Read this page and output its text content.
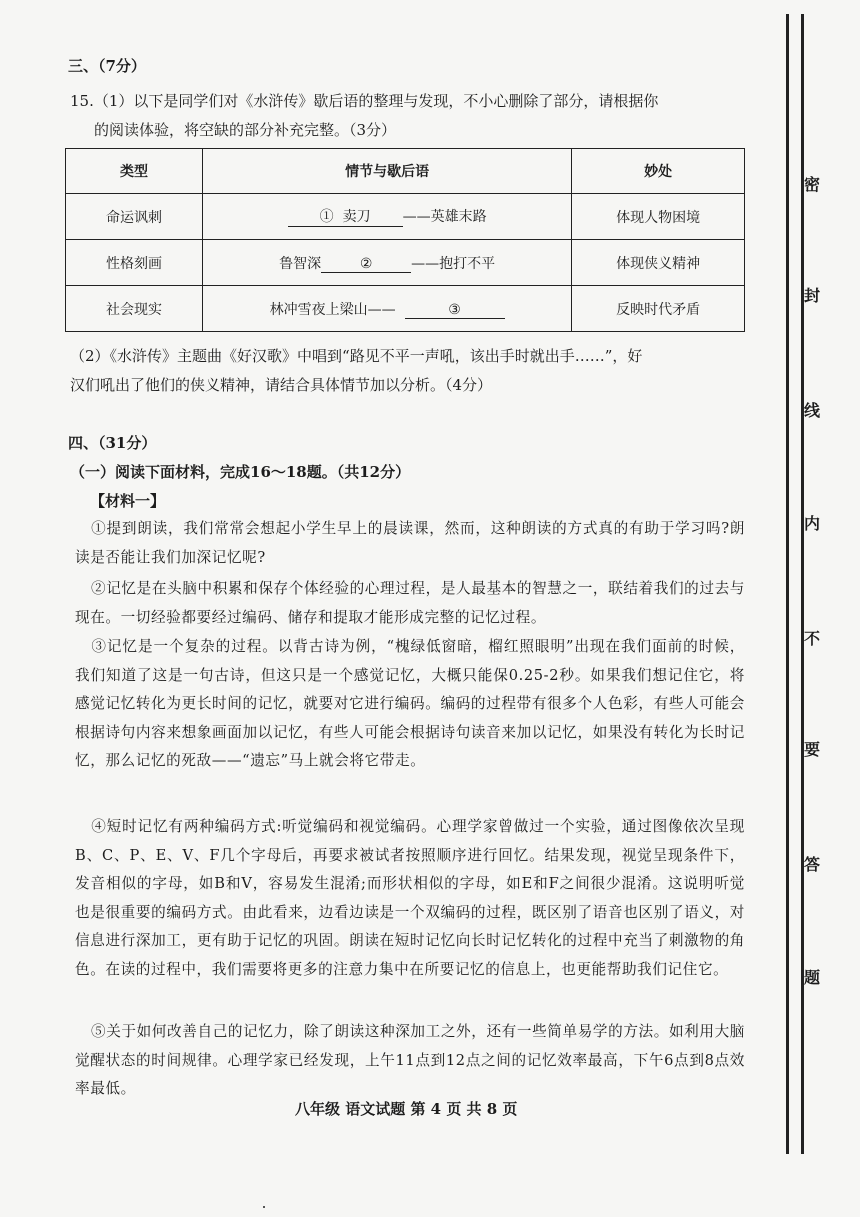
三、（7分）
15.（1）以下是同学们对《水浒传》歇后语的整理与发现，不小心删除了部分，请根据你
的阅读体验，将空缺的部分补充完整。（3分）
类型	情节与歇后语	妙处
命运讽刺	① 卖刀 ——英雄末路	体现人物困境
性格刻画	鲁智深 ② ——抱打不平	体现侠义精神
社会现实	林冲雪夜上梁山—— ③	反映时代矛盾
（2）《水浒传》主题曲《好汉歌》中唱到“路见不平一声吼，该出手时就出手……”，好
汉们吼出了他们的侠义精神，请结合具体情节加以分析。（4分）
四、（31分）
（一）阅读下面材料，完成16～18题。（共12分）
【材料一】
①提到朗读，我们常常会想起小学生早上的晨读课，然而，这种朗读的方式真的有助于学习吗?朗读是否能让我们加深记忆呢?
②记忆是在头脑中积累和保存个体经验的心理过程，是人最基本的智慧之一，联结着我们的过去与现在。一切经验都要经过编码、储存和提取才能形成完整的记忆过程。
③记忆是一个复杂的过程。以背古诗为例，“槐绿低窗暗，榴红照眼明”出现在我们面前的时候，我们知道了这是一句古诗，但这只是一个感觉记忆，大概只能保0.25-2秒。如果我们想记住它，将感觉记忆转化为更长时间的记忆，就要对它进行编码。编码的过程带有很多个人色彩，有些人可能会根据诗句内容来想象画面加以记忆，有些人可能会根据诗句读音来加以记忆，如果没有转化为长时记忆，那么记忆的死敌——“遗忘”马上就会将它带走。
④短时记忆有两种编码方式:听觉编码和视觉编码。心理学家曾做过一个实验，通过图像依次呈现B、C、P、E、V、F几个字母后，再要求被试者按照顺序进行回忆。结果发现，视觉呈现条件下，发音相似的字母，如B和V，容易发生混淆;而形状相似的字母，如E和F之间很少混淆。这说明听觉也是很重要的编码方式。由此看来，边看边读是一个双编码的过程，既区别了语音也区别了语义，对信息进行深加工，更有助于记忆的巩固。朗读在短时记忆向长时记忆转化的过程中充当了刺激物的角色。在读的过程中，我们需要将更多的注意力集中在所要记忆的信息上，也更能帮助我们记住它。
⑤关于如何改善自己的记忆力，除了朗读这种深加工之外，还有一些简单易学的方法。如利用大脑觉醒状态的时间规律。心理学家已经发现，上午11点到12点之间的记忆效率最高，下午6点到8点效率最低。
八年级 语文试题 第 4 页 共 8 页
密
封
线
内
不
要
答
题
